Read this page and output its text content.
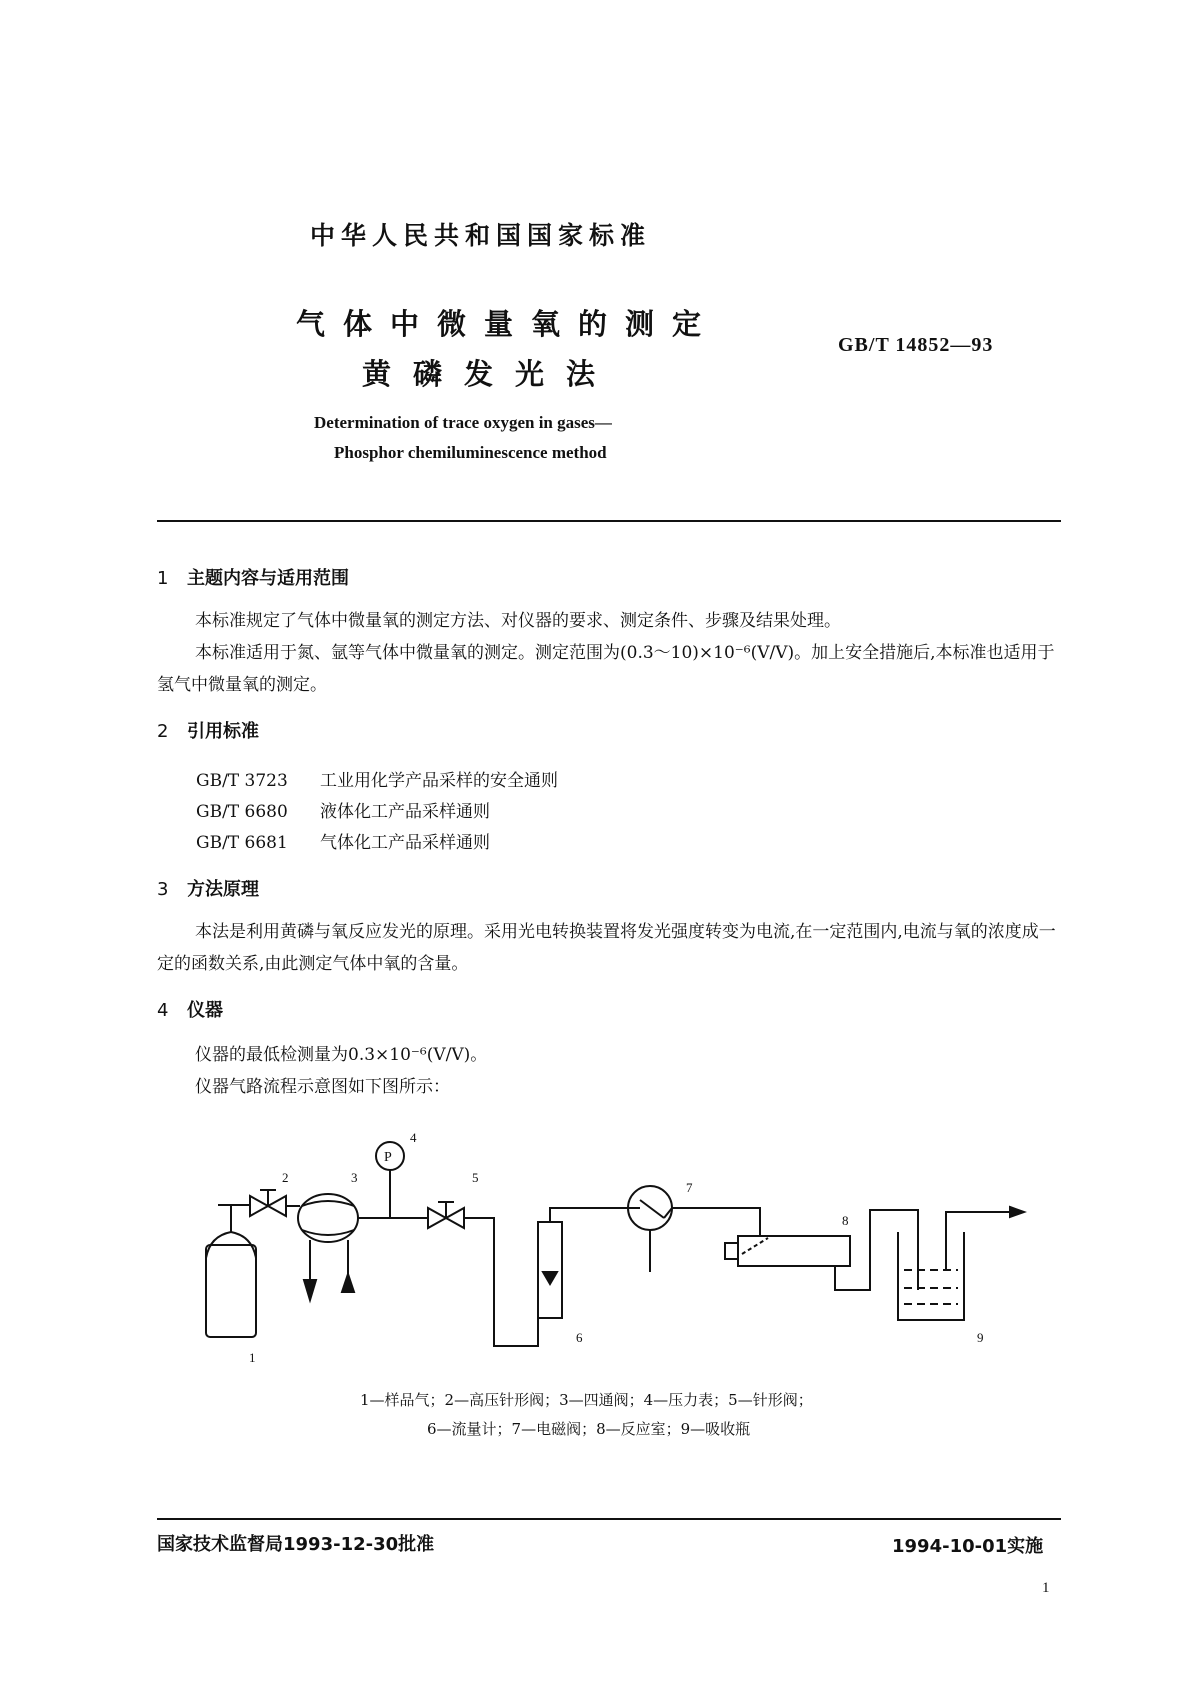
中华人民共和国国家标准
气体中微量氧的测定
黄磷发光法
GB/T 14852—93
Determination of trace oxygen in gases—
Phosphor chemiluminescence method
1 主题内容与适用范围
本标准规定了气体中微量氧的测定方法、对仪器的要求、测定条件、步骤及结果处理。
本标准适用于氮、氩等气体中微量氧的测定。测定范围为(0.3～10)×10⁻⁶(V/V)。加上安全措施后,本标准也适用于氢气中微量氧的测定。
2 引用标准
GB/T 3723 工业用化学产品采样的安全通则
GB/T 6680 液体化工产品采样通则
GB/T 6681 气体化工产品采样通则
3 方法原理
本法是利用黄磷与氧反应发光的原理。采用光电转换装置将发光强度转变为电流,在一定范围内,电流与氧的浓度成一定的函数关系,由此测定气体中氧的含量。
4 仪器
仪器的最低检测量为0.3×10⁻⁶(V/V)。
仪器气路流程示意图如下图所示：
P
1
2	3
4
5
6
7
8
9
1—样品气；2—高压针形阀；3—四通阀；4—压力表；5—针形阀；
6—流量计；7—电磁阀；8—反应室；9—吸收瓶
国家技术监督局1993-12-30批准	1994-10-01实施
1
